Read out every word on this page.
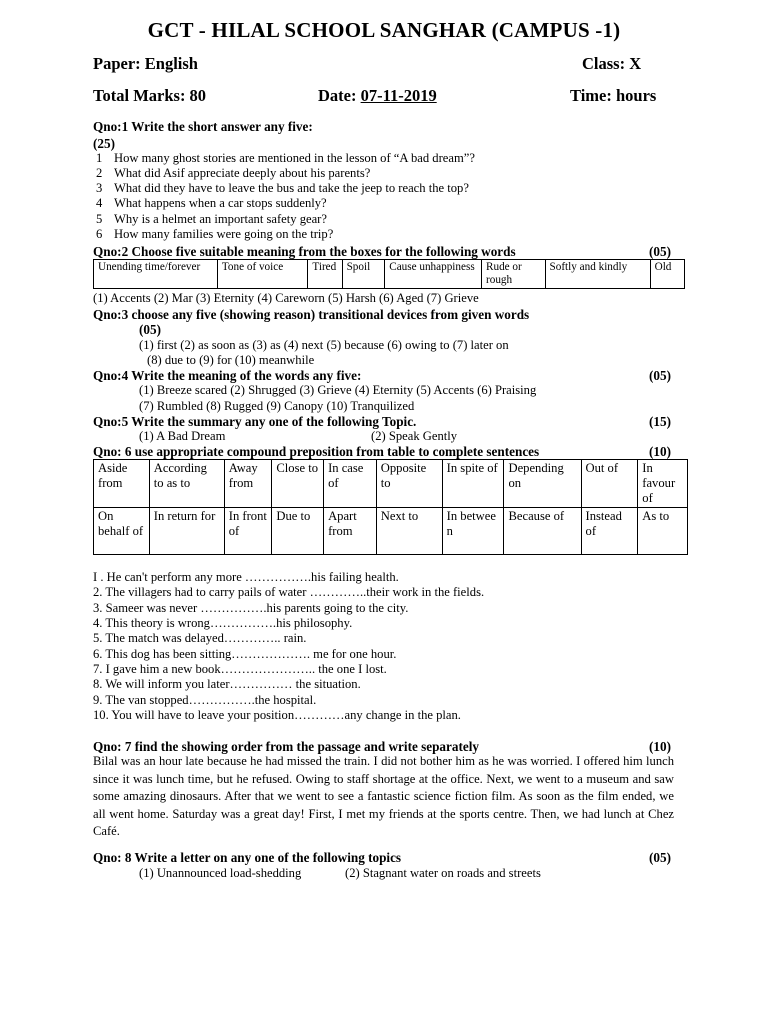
GCT - HILAL SCHOOL SANGHAR (CAMPUS -1)
Paper: English	Class: X
Total Marks: 80	Date: 07-11-2019	Time: hours
Qno:1 Write the short answer any five:
(25)
1 How many ghost stories are mentioned in the lesson of “A bad dream”?
2 What did Asif appreciate deeply about his parents?
3 What did they have to leave the bus and take the jeep to reach the top?
4 What happens when a car stops suddenly?
5 Why is a helmet an important safety gear?
6 How many families were going on the trip?
Qno:2 Choose five suitable meaning from the boxes for the following words	(05)
Unending time/forever	Tone of voice	Tired	Spoil	Cause unhappiness	Rude or rough	Softly and kindly	Old
(1) Accents (2) Mar (3) Eternity (4) Careworn (5) Harsh (6) Aged (7) Grieve
Qno:3 choose any five (showing reason) transitional devices from given words
(05)
(1) first (2) as soon as (3) as (4) next (5) because (6) owing to (7) later on
(8) due to (9) for (10) meanwhile
Qno:4 Write the meaning of the words any five:	(05)
(1) Breeze scared (2) Shrugged (3) Grieve (4) Eternity (5) Accents (6) Praising
(7) Rumbled (8) Rugged (9) Canopy (10) Tranquilized
Qno:5 Write the summary any one of the following Topic.	(15)
(1) A Bad Dream	(2) Speak Gently
Qno: 6 use appropriate compound preposition from table to complete sentences	(10)
Aside from	According to as to	Away from	Close to	In case of	Opposite to	In spite of	Depending on	Out of	In favour of
On behalf of	In return for	In front of	Due to	Apart from	Next to	In between	Because of	Instead of	As to
I . He can't perform any more …………….his failing health.
2. The villagers had to carry pails of water …………..their work in the fields.
3. Sameer was never …………….his parents going to the city.
4. This theory is wrong…………….his philosophy.
5. The match was delayed………….. rain.
6. This dog has been sitting………………. me for one hour.
7. I gave him a new book………………….. the one I lost.
8. We will inform you later…………… the situation.
9. The van stopped…………….the hospital.
10. You will have to leave your position…………any change in the plan.
Qno: 7 find the showing order from the passage and write separately	(10)
Bilal was an hour late because he had missed the train. I did not bother him as he was worried. I offered him lunch since it was lunch time, but he refused. Owing to staff shortage at the office. Next, we went to a museum and saw some amazing dinosaurs. After that we went to see a fantastic science fiction film. As soon as the film ended, we all went home. Saturday was a great day! First, I met my friends at the sports centre. Then, we had lunch at Chez Café.
Qno: 8 Write a letter on any one of the following topics	(05)
(1) Unannounced load-shedding	(2) Stagnant water on roads and streets
